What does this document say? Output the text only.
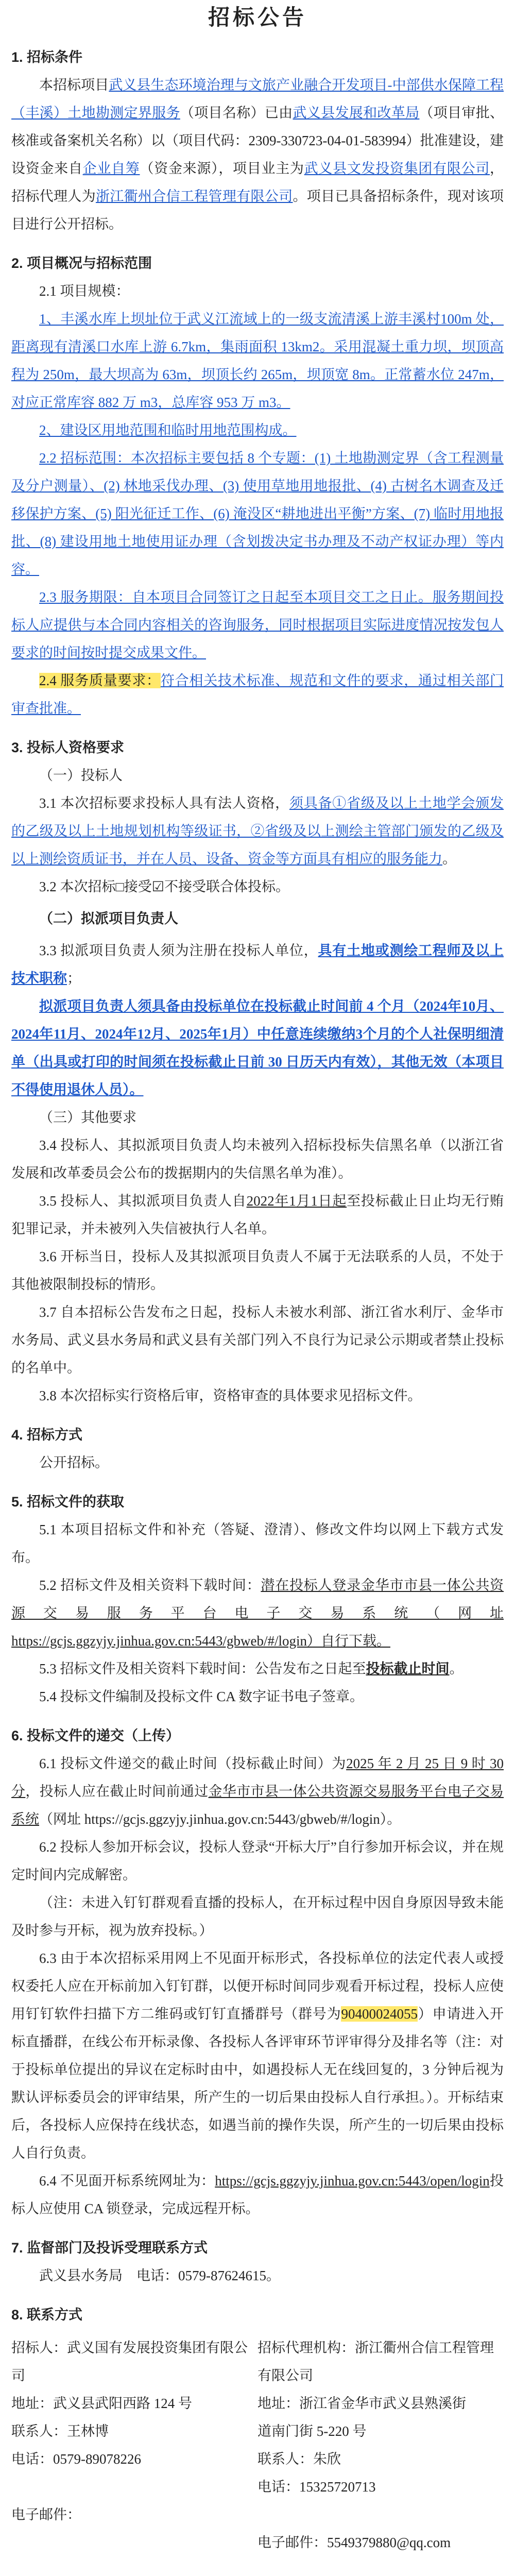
招标公告
1. 招标条件

本招标项目武义县生态环境治理与文旅产业融合开发项目-中部供水保障工程（丰溪）土地勘测定界服务（项目名称）已由武义县发展和改革局（项目审批、核准或备案机关名称）以（项目代码：2309-330723-04-01-583994）批准建设，建设资金来自企业自筹（资金来源），项目业主为武义县文发投资集团有限公司，招标代理人为浙江衢州合信工程管理有限公司。项目已具备招标条件，现对该项目进行公开招标。

2. 项目概况与招标范围

2.1 项目规模：

1、丰溪水库上坝址位于武义江流域上的一级支流清溪上游丰溪村100m 处，距离现有清溪口水库上游 6.7km，集雨面积 13km2。采用混凝土重力坝，坝顶高程为 250m，最大坝高为 63m，坝顶长约 265m，坝顶宽 8m。正常蓄水位 247m，对应正常库容 882 万 m3，总库容 953 万 m3。

2、建设区用地范围和临时用地范围构成。

2.2 招标范围：本次招标主要包括 8 个专题：(1) 土地勘测定界（含工程测量及分户测量）、(2) 林地采伐办理、(3) 使用草地用地报批、(4) 古树名木调查及迁移保护方案、(5) 阳光征迁工作、(6) 淹没区“耕地进出平衡”方案、(7) 临时用地报批、(8) 建设用地土地使用证办理（含划拨决定书办理及不动产权证办理）等内容。

2.3 服务期限：自本项目合同签订之日起至本项目交工之日止。服务期间投标人应提供与本合同内容相关的咨询服务，同时根据项目实际进度情况按发包人要求的时间按时提交成果文件。

2.4 服务质量要求：符合相关技术标准、规范和文件的要求，通过相关部门审查批准。

3. 投标人资格要求

（一）投标人

3.1 本次招标要求投标人具有法人资格，须具备①省级及以上土地学会颁发的乙级及以上土地规划机构等级证书，②省级及以上测绘主管部门颁发的乙级及以上测绘资质证书，并在人员、设备、资金等方面具有相应的服务能力。

3.2 本次招标□接受☑不接受联合体投标。

（二）拟派项目负责人

3.3 拟派项目负责人须为注册在投标人单位，具有土地或测绘工程师及以上技术职称；

拟派项目负责人须具备由投标单位在投标截止时间前 4 个月（2024年10月、2024年11月、2024年12月、2025年1月）中任意连续缴纳3个月的个人社保明细清单（出具或打印的时间须在投标截止日前 30 日历天内有效），其他无效（本项目不得使用退休人员）。

（三）其他要求

3.4 投标人、其拟派项目负责人均未被列入招标投标失信黑名单（以浙江省发展和改革委员会公布的拨据期内的失信黑名单为准）。

3.5 投标人、其拟派项目负责人自2022年1月1日起至投标截止日止均无行贿犯罪记录，并未被列入失信被执行人名单。

3.6 开标当日，投标人及其拟派项目负责人不属于无法联系的人员，不处于其他被限制投标的情形。

3.7 自本招标公告发布之日起，投标人未被水利部、浙江省水利厅、金华市水务局、武义县水务局和武义县有关部门列入不良行为记录公示期或者禁止投标的名单中。

3.8 本次招标实行资格后审，资格审查的具体要求见招标文件。

4. 招标方式

公开招标。

5. 招标文件的获取

5.1 本项目招标文件和补充（答疑、澄清）、修改文件均以网上下载方式发布。

5.2 招标文件及相关资料下载时间：潜在投标人登录金华市市县一体公共资源交易服务平台电子交易系统（网址 https://gcjs.ggzyjy.jinhua.gov.cn:5443/gbweb/#/login）自行下载。

5.3 招标文件及相关资料下载时间：公告发布之日起至投标截止时间。

5.4 投标文件编制及投标文件 CA 数字证书电子签章。

6. 投标文件的递交（上传）

6.1 投标文件递交的截止时间（投标截止时间）为2025 年 2 月 25 日 9 时 30 分，投标人应在截止时间前通过金华市市县一体公共资源交易服务平台电子交易系统（网址 https://gcjs.ggzyjy.jinhua.gov.cn:5443/gbweb/#/login）。

6.2 投标人参加开标会议，投标人登录“开标大厅”自行参加开标会议，并在规定时间内完成解密。

（注：未进入钉钉群观看直播的投标人，在开标过程中因自身原因导致未能及时参与开标，视为放弃投标。）

6.3 由于本次招标采用网上不见面开标形式，各投标单位的法定代表人或授权委托人应在开标前加入钉钉群，以便开标时间同步观看开标过程，投标人应使用钉钉软件扫描下方二维码或钉钉直播群号（群号为90400024055）申请进入开标直播群，在线公布开标录像、各投标人各评审环节评审得分及排名等（注：对于投标单位提出的异议在定标时由中，如遇投标人无在线回复的，3 分钟后视为默认评标委员会的评审结果，所产生的一切后果由投标人自行承担。）。开标结束后，各投标人应保持在线状态，如遇当前的操作失误，所产生的一切后果由投标人自行负责。

6.4 不见面开标系统网址为：https://gcjs.ggzyjy.jinhua.gov.cn:5443/open/login投标人应使用 CA 锁登录，完成远程开标。

7. 监督部门及投诉受理联系方式

武义县水务局　电话：0579-87624615。

8. 联系方式

招标人：武义国有发展投资集团有限公司

地址：武义县武阳西路 124 号

联系人：王林博

电话：0579-89078226

电子邮件：

招标代理机构：浙江衢州合信工程管理

有限公司

地址：浙江省金华市武义县熟溪街

道南门街 5-220 号

联系人：朱欣

电话：15325720713

电子邮件：5549379880@qq.com
